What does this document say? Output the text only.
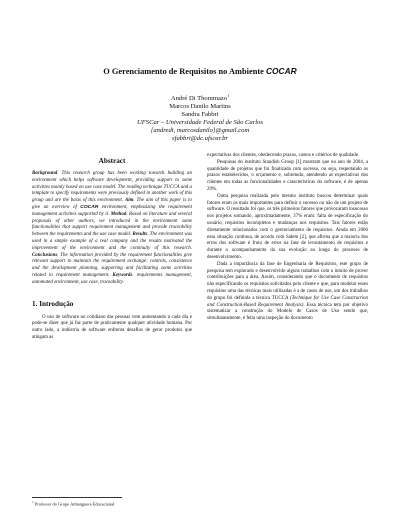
O Gerenciamento de Requisitos no Ambiente COCAR
André Di Thommazo$^1$
Marcos Danilo Martins
Sandra Fabbri
UFSCar – Universidade Federal de São Carlos
[andredt, marcosdanilo]@gmail.com
sfabbri@dc.ufscar.br
Abstract

Background. This research group has been working towards building an environment which helps software development, providing support to some activities mainly based on use case model. The reading technique TUCCA and a template to specify requirements were previously defined in another work of this group and are the basis of this environment. Aim. The aim of this paper is to give an overview of COCAR environment, emphasizing the requirement management activities supported by it. Method. Based on literature and several proposals of other authors, we introduced in the environment some functionalities that support requirement management and provide traceability between the requirements and the use case model. Results. The environment was used in a simple example of a real company and the results motivated the improvement of the environment and the continuity of this research. Conclusions. The information provided by the requirement functionalities give relevant support to maintain the requirement exchange: controls, consistence and the development planning, supporting and facilitating some activities related to requirement management. Keywords. requirements management, automated environment, use case, traceability.

1. Introdução

O uso de software no cotidiano das pessoas vem aumentando a cada dia e pode-se dizer que já faz parte de praticamente qualquer atividade humana. Por outro lado, a indústria de software enfrenta desafios de gerar produtos que atingam as

expectativas dos clientes, obedecendo prazos, custos e critérios de qualidade.

Pesquisas do instituto Standish Group [1] mostram que no ano de 2004, a quantidade de projetos que foi finalizada com sucesso, ou seja, respeitando os prazos estabelecidos, o orçamento e, sobretudo, atendendo as expectativas dos clientes em todas as funcionalidades e características do software, é de apenas 29%.

Outra pesquisa realizada pelo mesmo instituto buscou determinar quais fatores eram os mais importantes para definir o sucesso ou não de um projeto de software. O resultado foi que, os três primeiros fatores que provocaram insucesso nos projetos somando, aproximadamente, 37% eram: falta de especificação do usuário, requisitos incompletos e mudanças nos requisitos. Tais fatores estão diretamente relacionados com o gerenciamento de requisitos. Ainda em 2006 essa situação continua, de acordo com Salem [2], que afirma que a maioria dos erros dos software é fruto de erros na fase de levantamento de requisitos e durante o acompanhamento da sua evolução ao longo do processo de desenvolvimento.

Dada a importância da fase de Engenharia de Requisitos, este grupo de pesquisa tem explorado e desenvolvido alguns trabalhos com o intuito de prover contribuições para a área. Assim, considerando que o documento de requisitos não especificando os requisitos solicitados pelo cliente e que, para modelar esses requisitos uma das técnicas mais utilizadas é a de casos de uso, um dos trabalhos do grupo foi definida a técnica TUCCA (Technique for Use Case Construction and Construction-Based Requirement Analysis). Essa técnica tem por objetivo sistematizar a construção do Modelo de Casos de Uso sendo que, simultaneamente, é feita uma inspeção do documento

$^1$ Professor do Grupo Anhanguera Educacional
